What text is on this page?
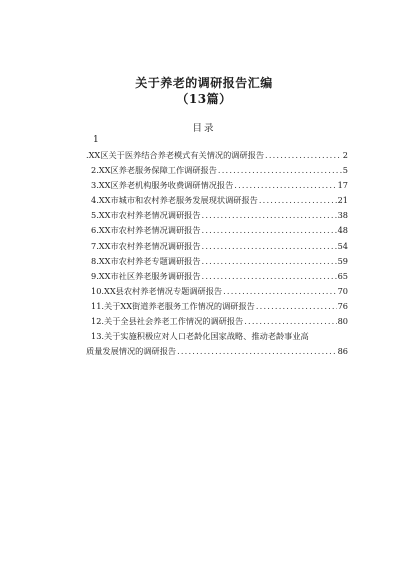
关于养老的调研报告汇编
（13篇）
目录
1
.XX区关于医养结合养老模式有关情况的调研报告 .....	2
2.XX区养老服务保障工作调研报告 .....	5
3.XX区养老机构服务收费调研情况报告 .....	17
4.XX市城市和农村养老服务发展现状调研报告 .....	21
5.XX市农村养老情况调研报告 .....	38
6.XX市农村养老情况调研报告 .....	48
7.XX市农村养老情况调研报告 .....	54
8.XX市农村养老专题调研报告 .....	59
9.XX市社区养老服务调研报告 .....	65
10.XX县农村养老情况专题调研报告 .....	70
11.关于XX街道养老服务工作情况的调研报告 .....	76
12.关于全县社会养老工作情况的调研报告 .....	80
13.关于实施积极应对人口老龄化国家战略、推动老龄事业高
质量发展情况的调研报告 .....	86
